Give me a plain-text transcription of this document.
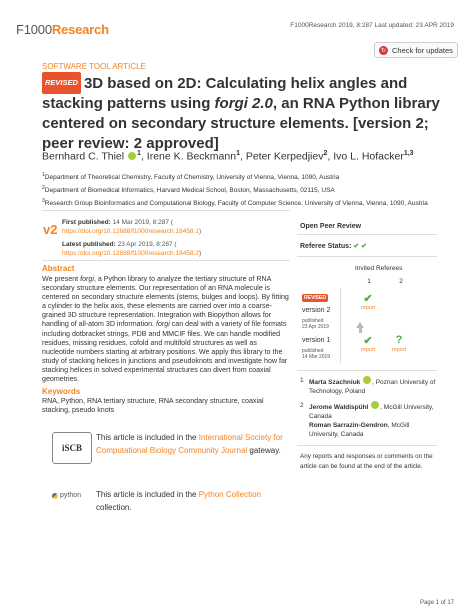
F1000Research	F1000Research 2019, 8:287 Last updated: 23 APR 2019
↻ Check for updates
SOFTWARE TOOL ARTICLE
REVISED 3D based on 2D: Calculating helix angles and stacking patterns using forgi 2.0, an RNA Python library centered on secondary structure elements. [version 2; peer review: 2 approved]
Bernhard C. Thiel $^1$, Irene K. Beckmann$^1$, Peter Kerpedjiev$^2$, Ivo L. Hofacker$^{1,3}$
$^1$Department of Theoretical Chemistry, Faculty of Chemistry, University of Vienna, Vienna, 1090, Austria
$^2$Department of Biomedical Informatics, Harvard Medical School, Boston, Massachusetts, 02115, USA
$^3$Research Group Bioinformatics and Computational Biology, Faculty of Computer Science, University of Vienna, Vienna, 1090, Austria
v2 First published: 14 Mar 2019, 8:287 (
https://doi.org/10.12688/f1000research.18458.1)
Latest published: 23 Apr 2019, 8:287 (
https://doi.org/10.12688/f1000research.18458.2)
Abstract
We present forgi, a Python library to analyze the tertiary structure of RNA secondary structure elements. Our representation of an RNA molecule is centered on secondary structure elements (stems, bulges and loops). By fitting a cylinder to the helix axis, these elements are carried over into a coarse-grained 3D structure representation. Integration with Biopython allows for handling of all-atom 3D information. forgi can deal with a variety of file formats including dotbracket strings, PDB and MMCIF files. We can handle modified residues, missing residues, cofold and multifold structures as well as nucleotide numbers starting at arbitrary positions. We apply this library to the study of stacking helices in junctions and pseudoknots and investigate how far stacking helices in solved experimental structures can divert from coaxial geometries.
Keywords
RNA, Python, RNA tertiary structure, RNA secondary structure, coaxial stacking, pseudo knots
iSCB
This article is included in the International Society for Computational Biology Community Journal gateway.
python This article is included in the Python Collection collection.
Open Peer Review
Referee Status: ✔ ✔
Invited Referees
1	2
REVISED
version 2
published
23 Apr 2019
✔
report
version 1
published
14 Mar 2019
✔
report
?
report
1 Marta Szachniuk , Poznan University of Technology, Poland
2 Jerome Waldispühl , McGill University, Canada
Roman Sarrazin-Gendron, McGill University, Canada
Any reports and responses or comments on the article can be found at the end of the article.
Page 1 of 17
